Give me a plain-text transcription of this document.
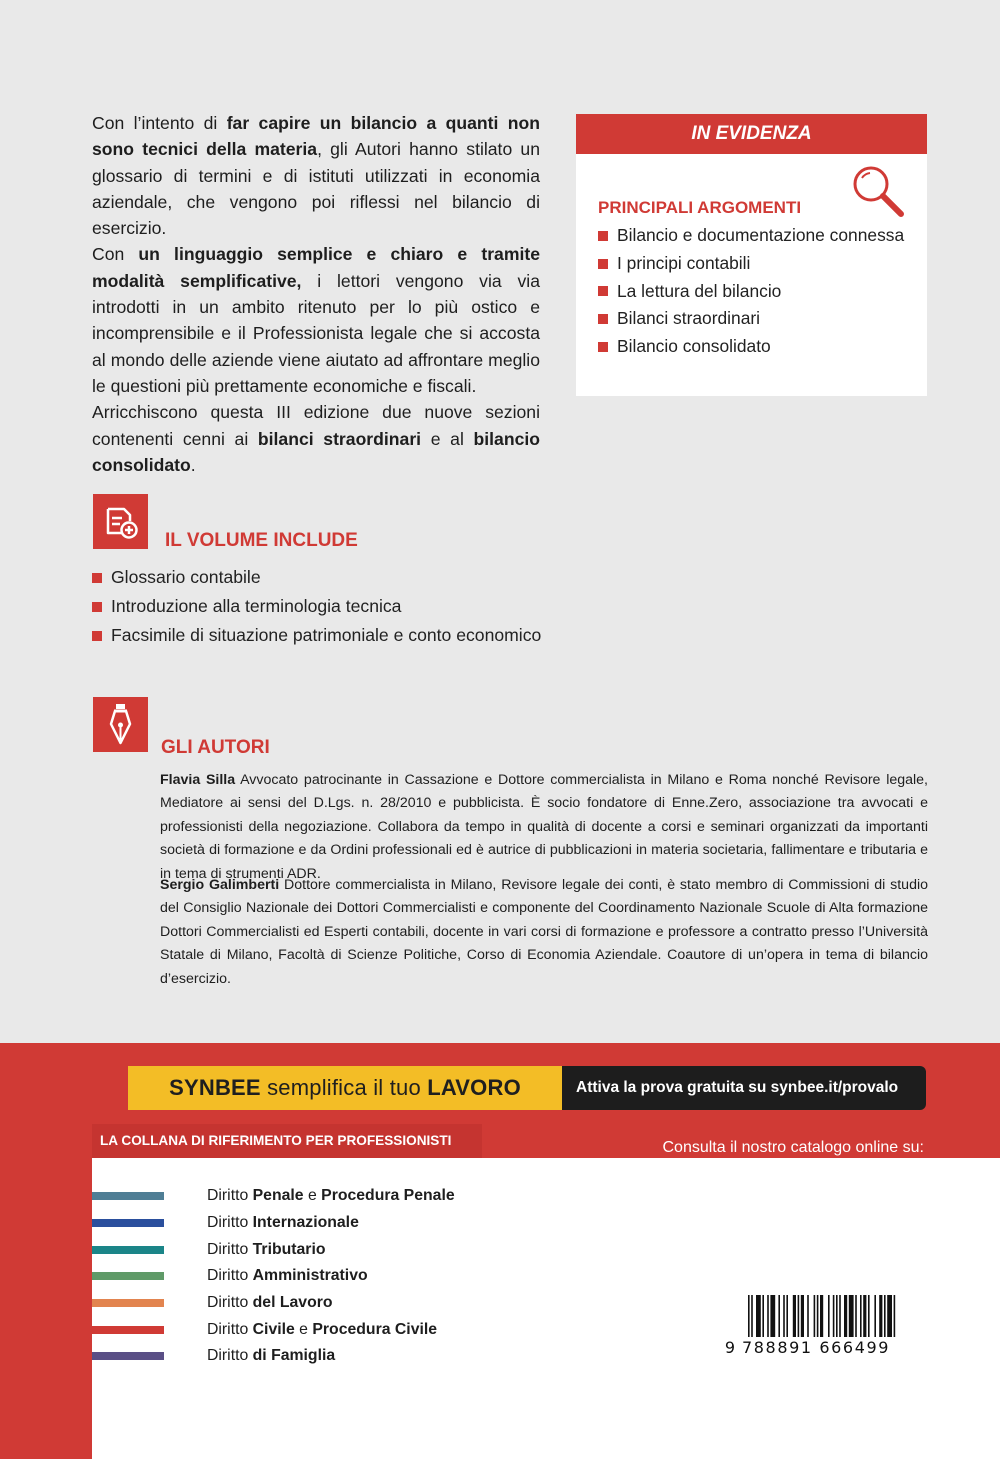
Con l’intento di far capire un bilancio a quanti non sono tecnici della materia, gli Autori hanno stilato un glossario di termini e di istituti utilizzati in economia aziendale, che vengono poi riflessi nel bilancio di esercizio.

Con un linguaggio semplice e chiaro e tramite modalità semplificative, i lettori vengono via via introdotti in un ambito ritenuto per lo più ostico e incomprensibile e il Professionista legale che si accosta al mondo delle aziende viene aiutato ad affrontare meglio le questioni più prettamente economiche e fiscali.

Arricchiscono questa III edizione due nuove sezioni contenenti cenni ai bilanci straordinari e al bilancio consolidato.

IN EVIDENZA
PRINCIPALI ARGOMENTI
Bilancio e documentazione connessa
I principi contabili
La lettura del bilancio
Bilanci straordinari
Bilancio consolidato
IL VOLUME INCLUDE
Glossario contabile
Introduzione alla terminologia tecnica
Facsimile di situazione patrimoniale e conto economico
GLI AUTORI

Flavia Silla Avvocato patrocinante in Cassazione e Dottore commercialista in Milano e Roma nonché Revisore legale, Mediatore ai sensi del D.Lgs. n. 28/2010 e pubblicista. È socio fondatore di Enne.Zero, associazione tra avvocati e professionisti della negoziazione. Collabora da tempo in qualità di docente a corsi e seminari organizzati da importanti società di formazione e da Ordini professionali ed è autrice di pubblicazioni in materia societaria, fallimentare e tributaria e in tema di strumenti ADR.

Sergio Galimberti Dottore commercialista in Milano, Revisore legale dei conti, è stato membro di Commissioni di studio del Consiglio Nazionale dei Dottori Commercialisti e componente del Coordinamento Nazionale Scuole di Alta formazione Dottori Commercialisti ed Esperti contabili, docente in vari corsi di formazione e professore a contratto presso l’Università Statale di Milano, Facoltà di Scienze Politiche, Corso di Economia Aziendale. Coautore di un’opera in tema di bilancio d’esercizio.

SYNBEE semplifica il tuo LAVORO	Attiva la prova gratuita su synbee.it/provalo
LA COLLANA DI RIFERIMENTO PER PROFESSIONISTI
Diritto Penale e Procedura Penale
Diritto Internazionale
Diritto Tributario
Diritto Amministrativo
Diritto del Lavoro
Diritto Civile e Procedura Civile
Diritto di Famiglia
Consulta il nostro catalogo online su:
www.maggiolieditore.it
€ 28,00
978-88-916-6649-9
9 788891 666499
